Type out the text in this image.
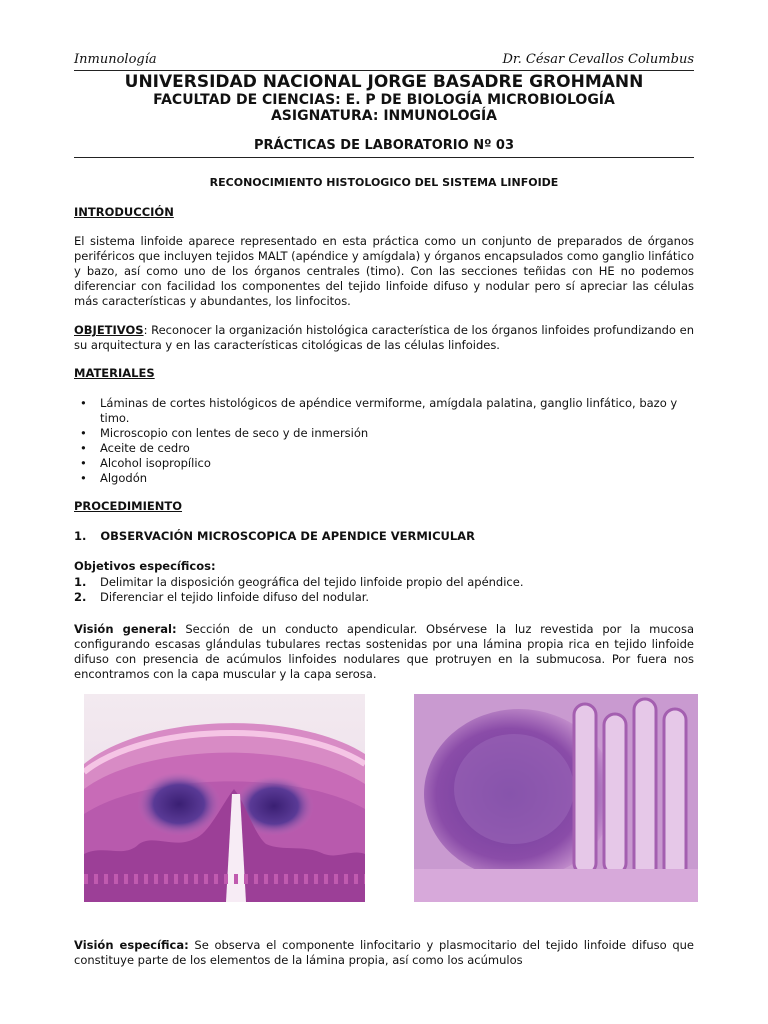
Inmunología	Dr. César Cevallos Columbus
UNIVERSIDAD NACIONAL JORGE BASADRE GROHMANN
FACULTAD DE CIENCIAS: E. P DE BIOLOGÍA MICROBIOLOGÍA
ASIGNATURA: INMUNOLOGÍA
PRÁCTICAS DE LABORATORIO Nº 03
RECONOCIMIENTO HISTOLOGICO DEL SISTEMA LINFOIDE
INTRODUCCIÓN
El sistema linfoide aparece representado en esta práctica como un conjunto de preparados de órganos periféricos que incluyen tejidos MALT (apéndice y amígdala) y órganos encapsulados como ganglio linfático y bazo, así como uno de los órganos centrales (timo). Con las secciones teñidas con HE no podemos diferenciar con facilidad los componentes del tejido linfoide difuso y nodular pero sí apreciar las células más características y abundantes, los linfocitos.
OBJETIVOS: Reconocer la organización histológica característica de los órganos linfoides profundizando en su arquitectura y en las características citológicas de las células linfoides.
MATERIALES
• Láminas de cortes histológicos de apéndice vermiforme, amígdala palatina, ganglio linfático, bazo y timo.
• Microscopio con lentes de seco y de inmersión
• Aceite de cedro
• Alcohol isopropílico
• Algodón
PROCEDIMIENTO
1. OBSERVACIÓN MICROSCOPICA DE APENDICE VERMICULAR
Objetivos específicos:
1. Delimitar la disposición geográfica del tejido linfoide propio del apéndice.
2. Diferenciar el tejido linfoide difuso del nodular.
Visión general: Sección de un conducto apendicular. Obsérvese la luz revestida por la mucosa configurando escasas glándulas tubulares rectas sostenidas por una lámina propia rica en tejido linfoide difuso con presencia de acúmulos linfoides nodulares que protruyen en la submucosa. Por fuera nos encontramos con la capa muscular y la capa serosa.
Visión específica: Se observa el componente linfocitario y plasmocitario del tejido linfoide difuso que constituye parte de los elementos de la lámina propia, así como los acúmulos
